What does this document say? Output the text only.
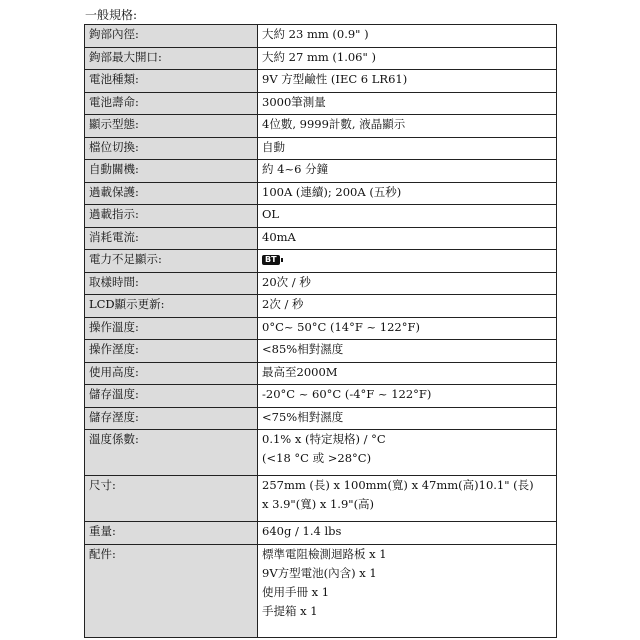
一般規格:
鉤部內徑:	大約 23 mm (0.9" )

鉤部最大開口:	大約 27 mm (1.06" )

電池種類:	9V 方型鹼性 (IEC 6 LR61)

電池壽命:	3000筆測量

顯示型態:	4位數, 9999計數, 液晶顯示

檔位切換:	自動

自動關機:	約 4~6 分鐘

過載保護:	100A (連續); 200A (五秒)

過載指示:	OL

消耗電流:	40mA

電力不足顯示:	BT
取樣時間:	20次 / 秒

LCD顯示更新:	2次 / 秒

操作溫度:	0°C~ 50°C (14°F ~ 122°F)

操作溼度:	<85%相對濕度

使用高度:	最高至2000M

儲存溫度:	-20°C ~ 60°C (-4°F ~ 122°F)

儲存溼度:	<75%相對濕度

溫度係數:	0.1% x (特定規格) / °C
(<18 °C 或 >28°C)

尺寸:	257mm (長) x 100mm(寬) x 47mm(高)10.1" (長)
x 3.9"(寬) x 1.9"(高)

重量:	640g / 1.4 lbs

配件:	標準電阻檢測迴路板 x 1
9V方型電池(內含) x 1
使用手冊 x 1
手提箱 x 1
